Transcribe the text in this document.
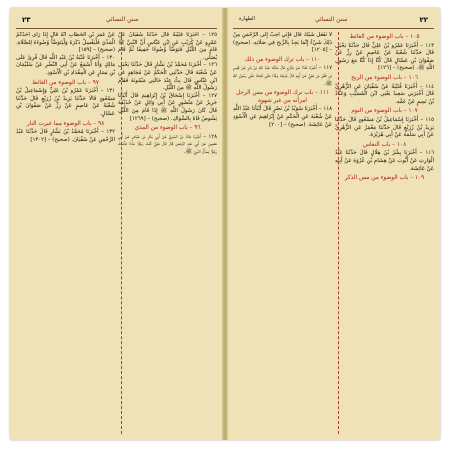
٢٣	سنن النسائي
١٢٥ – أَخْبَرَنَا قُتَيْبَةُ قَالَ حَدَّثَنَا سُفْيَانُ عَنْ عَمْرٍو عَنْ كُرَيْبٍ عَنِ ابْنِ عَبَّاسٍ أَنَّ النَّبِيَّ ﷺ قَامَ مِنَ اللَّيْلِ فَتَوَضَّأَ وُضُوءًا خَفِيفًا ثُمَّ قَامَ يُصَلِّي.
١٢٦ – أَخْبَرَنَا مُحَمَّدُ بْنُ بَشَّارٍ قَالَ حَدَّثَنَا يَحْيَى عَنْ شُعْبَةَ قَالَ حَدَّثَنِي الْحَكَمُ عَنْ مُجَاهِدٍ عَنِ ابْنِ عَبَّاسٍ قَالَ بِتُّ عِنْدَ خَالَتِي مَيْمُونَةَ فَقَامَ رَسُولُ اللَّهِ ﷺ مِنَ اللَّيْلِ.
١٢٧ – أَخْبَرَنَا إِسْحَاقُ بْنُ إِبْرَاهِيمَ قَالَ أَنْبَأَنَا جَرِيرٌ عَنْ مَنْصُورٍ عَنْ أَبِي وَائِلٍ عَنْ حُذَيْفَةَ قَالَ كَانَ رَسُولُ اللَّهِ ﷺ إِذَا قَامَ مِنَ اللَّيْلِ يَشُوصُ فَاهُ بِالسِّوَاكِ. (صحيح) – [١٢٦٩]
٩٦ – باب الوضوء من المذي
١٢٨ – أَخْبَرَنَا هَنَّادُ بْنُ السَّرِيِّ عَنْ أَبِي بَكْرِ بْنِ عَيَّاشٍ عَنْ أَبِي حَصِينٍ عَنْ أَبِي عَبْدِ الرَّحْمَنِ قَالَ قَالَ عَلِيٌّ كُنْتُ رَجُلًا مَذَّاءً فَأَمَرْتُ رَجُلًا يَسْأَلُ النَّبِيَّ ﷺ.
عَنْ عُمَرَ بْنِ الْخَطَّابِ أَنَّهُ قَالَ إِذَا رَأَى أَحَدُكُمُ الْمَذْيَ فَلْيَغْسِلْ ذَكَرَهُ وَلْيَتَوَضَّأْ وُضُوءَهُ لِلصَّلَاةِ. (صحيح) – [١٥٩]
١٣٠ – أَخْبَرَنَا عُتْبَةُ بْنُ عَبْدِ اللَّهِ قَالَ قُرِئَ عَلَى مَالِكٍ وَأَنَا أَسْمَعُ عَنْ أَبِي النَّضْرِ عَنْ سُلَيْمَانَ بْنِ يَسَارٍ عَنِ الْمِقْدَادِ بْنِ الْأَسْوَدِ.
٩٧ – باب الوضوء من الغائط
١٣١ – أَخْبَرَنَا عَمْرُو بْنُ عَلِيٍّ وَإِسْمَاعِيلُ بْنُ مَسْعُودٍ قَالَا حَدَّثَنَا يَزِيدُ بْنُ زُرَيْعٍ قَالَ حَدَّثَنَا شُعْبَةُ عَنْ عَاصِمٍ عَنْ زِرٍّ عَنْ صَفْوَانَ بْنِ عَسَّالٍ.
٩٨ – باب الوضوء مما غيرت النار
١٣٢ – أَخْبَرَنَا مُحَمَّدُ بْنُ بَشَّارٍ قَالَ حَدَّثَنَا عَبْدُ الرَّحْمَنِ عَنْ سُفْيَانَ. (صحيح) – [١٣٠٢]
٢٢
سنن النسائي
الطهارة
١٠٥ – باب الوضوء من الغائط
١١٣ – أَخْبَرَنَا عَمْرُو بْنُ عَلِيٍّ قَالَ حَدَّثَنَا يَحْيَى قَالَ حَدَّثَنَا شُعْبَةُ عَنْ عَاصِمٍ عَنْ زِرٍّ عَنْ صَفْوَانَ بْنِ عَسَّالٍ قَالَ كُنَّا إِذَا كُنَّا مَعَ رَسُولِ اللَّهِ ﷺ. (صحيح) – [١٢٦]
١٠٦ – باب الوضوء من الريح
١١٤ – أَخْبَرَنَا قُتَيْبَةُ عَنْ سُفْيَانَ عَنِ الزُّهْرِيِّ قَالَ أَخْبَرَنِي سَعِيدٌ يَعْنِي ابْنَ الْمُسَيَّبِ وَعَبَّادُ بْنُ تَمِيمٍ عَنْ عَمِّهِ.
١٠٧ – باب الوضوء من النوم
١١٥ – أَخْبَرَنَا إِسْمَاعِيلُ بْنُ مَسْعُودٍ قَالَ حَدَّثَنَا يَزِيدُ بْنُ زُرَيْعٍ قَالَ حَدَّثَنَا مَعْمَرٌ عَنِ الزُّهْرِيِّ عَنْ أَبِي سَلَمَةَ عَنْ أَبِي هُرَيْرَةَ.
١٠٨ – باب النعاس
١١٦ – أَخْبَرَنَا بِشْرُ بْنُ هِلَالٍ قَالَ حَدَّثَنَا عَبْدُ الْوَارِثِ عَنْ أَيُّوبَ عَنْ هِشَامِ بْنِ عُرْوَةَ عَنْ أَبِيهِ عَنْ عَائِشَةَ.
١٠٩ – باب الوضوء من مس الذكر
لَا تَفْعَلْ شَيْئًا، قَالَ فَإِنِّي أُحِبُّ إِلَى الرَّحْمَنِ مِنْ ذَلِكَ شَيْءٌ إِنَّمَا يَجِدُ بِالرِّيحِ فِي صَلَاتِهِ. (صحيح) – [١٢٠٥]
١١٠ – باب ترك الوضوء من ذلك
١١٧ – أَخْبَرَنَا هَنَّادٌ عَنْ مُلَازِمٍ قَالَ حَدَّثَنَا عَبْدُ اللَّهِ بْنُ بَدْرٍ عَنْ قَيْسِ بْنِ طَلْقِ بْنِ عَلِيٍّ عَنْ أَبِيهِ قَالَ خَرَجْنَا وَفْدًا حَتَّى قَدِمْنَا عَلَى رَسُولِ اللَّهِ ﷺ.
١١١ – باب ترك الوضوء من مس الرجل امرأته من غير شهوة
١١٨ – أَخْبَرَنَا سُوَيْدُ بْنُ نَصْرٍ قَالَ أَنْبَأَنَا عَبْدُ اللَّهِ عَنْ شُعْبَةَ عَنِ الْحَكَمِ عَنْ إِبْرَاهِيمَ عَنِ الْأَسْوَدِ عَنْ عَائِشَةَ. (صحيح) – [٢٠٠]
